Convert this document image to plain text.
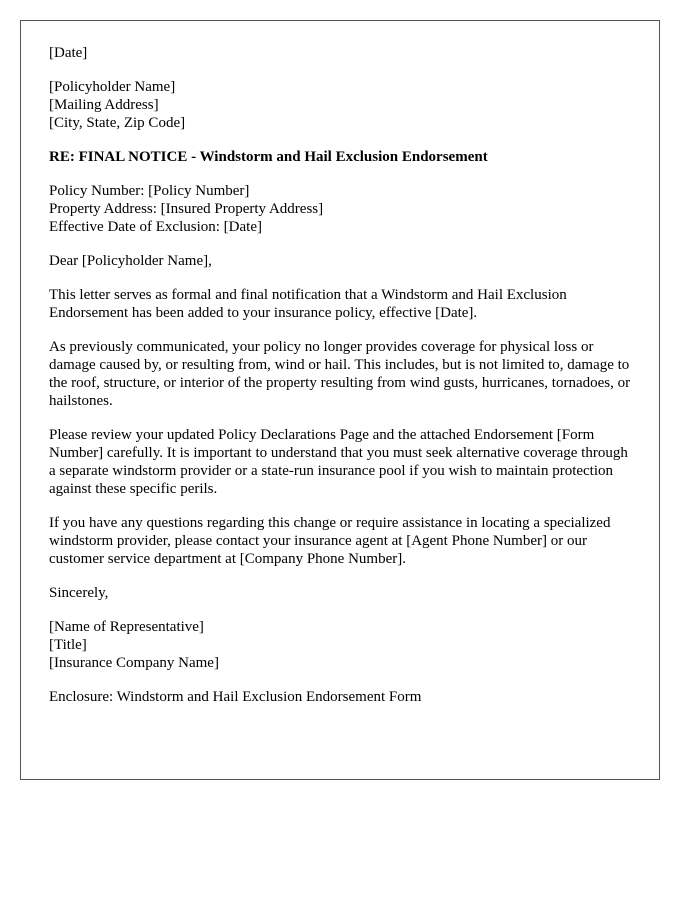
[Date]
[Policyholder Name]
[Mailing Address]
[City, State, Zip Code]
RE: FINAL NOTICE - Windstorm and Hail Exclusion Endorsement
Policy Number: [Policy Number]
Property Address: [Insured Property Address]
Effective Date of Exclusion: [Date]
Dear [Policyholder Name],

This letter serves as formal and final notification that a Windstorm and Hail Exclusion Endorsement has been added to your insurance policy, effective [Date].

As previously communicated, your policy no longer provides coverage for physical loss or damage caused by, or resulting from, wind or hail. This includes, but is not limited to, damage to the roof, structure, or interior of the property resulting from wind gusts, hurricanes, tornadoes, or hailstones.

Please review your updated Policy Declarations Page and the attached Endorsement [Form Number] carefully. It is important to understand that you must seek alternative coverage through a separate windstorm provider or a state-run insurance pool if you wish to maintain protection against these specific perils.

If you have any questions regarding this change or require assistance in locating a specialized windstorm provider, please contact your insurance agent at [Agent Phone Number] or our customer service department at [Company Phone Number].

Sincerely,
[Name of Representative]
[Title]
[Insurance Company Name]
Enclosure: Windstorm and Hail Exclusion Endorsement Form
